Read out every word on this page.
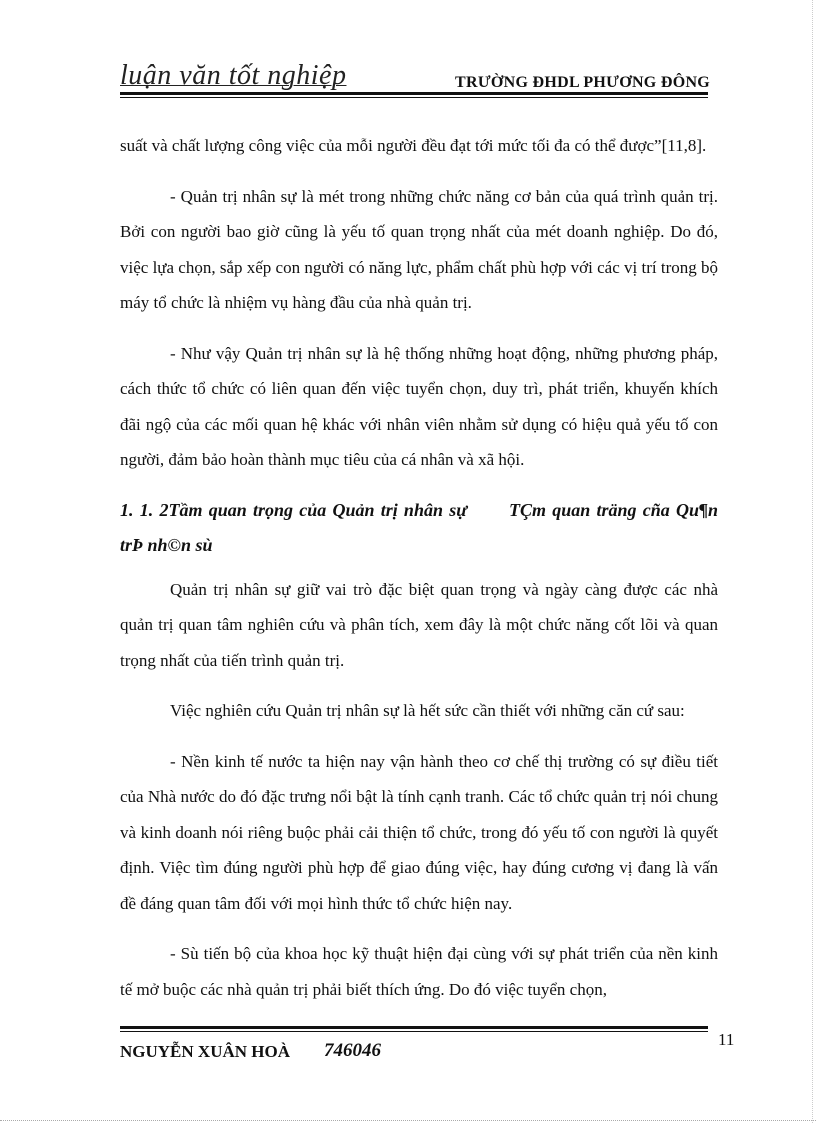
luận văn tốt nghiệp	TRƯỜNG ĐHDL PHƯƠNG ĐÔNG

suất và chất lượng công việc của mỗi người đều đạt tới mức tối đa có thể được”[11,8].

- Quản trị nhân sự là mét trong những chức năng cơ bản của quá trình quản trị. Bởi con người bao giờ cũng là yếu tố quan trọng nhất của mét doanh nghiệp. Do đó, việc lựa chọn, sắp xếp con người có năng lực, phẩm chất phù hợp với các vị trí trong bộ máy tổ chức là nhiệm vụ hàng đầu của nhà quản trị.

- Như vậy Quản trị nhân sự là hệ thống những hoạt động, những phương pháp, cách thức tổ chức có liên quan đến việc tuyển chọn, duy trì, phát triển, khuyến khích đãi ngộ của các mối quan hệ khác với nhân viên nhằm sử dụng có hiệu quả yếu tố con người, đảm bảo hoàn thành mục tiêu của cá nhân và xã hội.

1. 1. 2Tầm quan trọng của Quản trị nhân sự TÇm quan träng cña Qu¶n trÞ nh©n sù

Quản trị nhân sự giữ vai trò đặc biệt quan trọng và ngày càng được các nhà quản trị quan tâm nghiên cứu và phân tích, xem đây là một chức năng cốt lõi và quan trọng nhất của tiến trình quản trị.

Việc nghiên cứu Quản trị nhân sự là hết sức cần thiết với những căn cứ sau:

- Nền kinh tế nước ta hiện nay vận hành theo cơ chế thị trường có sự điều tiết của Nhà nước do đó đặc trưng nổi bật là tính cạnh tranh. Các tổ chức quản trị nói chung và kinh doanh nói riêng buộc phải cải thiện tổ chức, trong đó yếu tố con người là quyết định. Việc tìm đúng người phù hợp để giao đúng việc, hay đúng cương vị đang là vấn đề đáng quan tâm đối với mọi hình thức tổ chức hiện nay.

- Sù tiến bộ của khoa học kỹ thuật hiện đại cùng với sự phát triển của nền kinh tế mở buộc các nhà quản trị phải biết thích ứng. Do đó việc tuyển chọn,

NGUYỄN XUÂN HOÀ 746046
11
